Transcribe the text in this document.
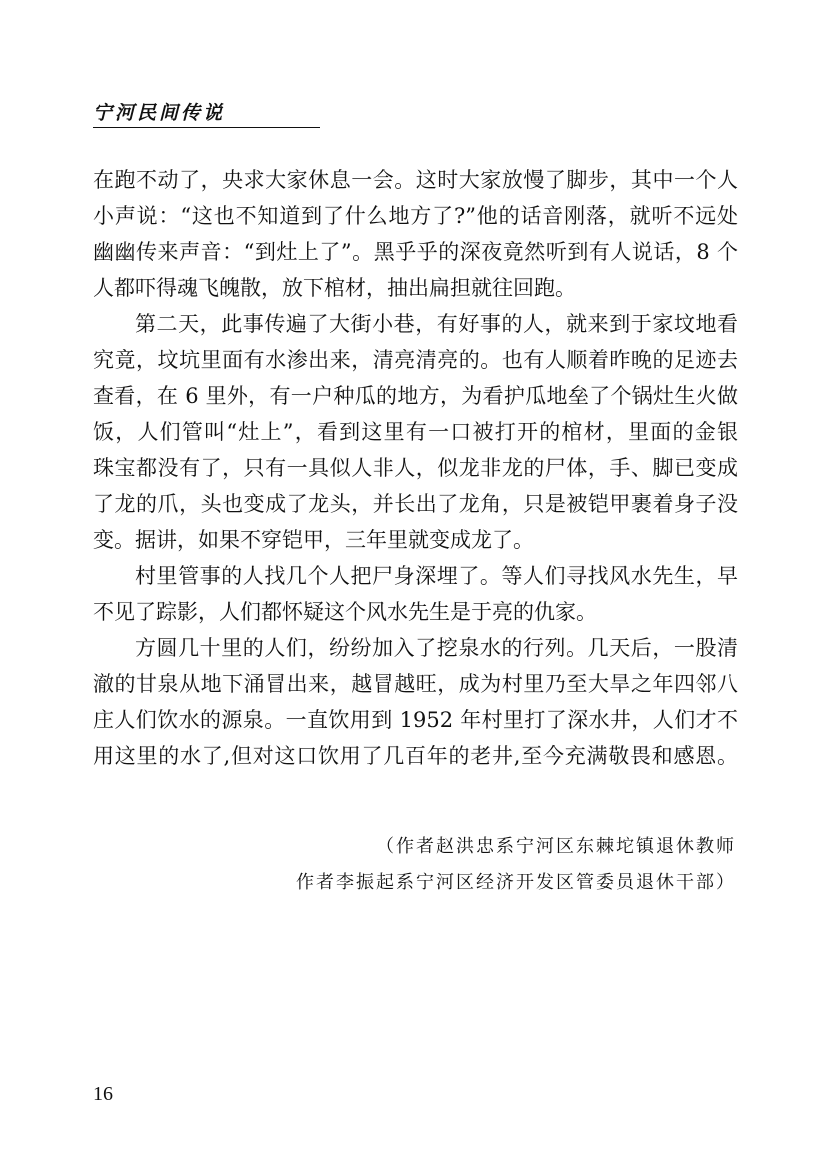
宁河民间传说
在跑不动了，央求大家休息一会。这时大家放慢了脚步，其中一个人
小声说：“这也不知道到了什么地方了?”他的话音刚落，就听不远处
幽幽传来声音：“到灶上了”。黑乎乎的深夜竟然听到有人说话，8 个
人都吓得魂飞魄散，放下棺材，抽出扁担就往回跑。
第二天，此事传遍了大街小巷，有好事的人，就来到于家坟地看
究竟，坟坑里面有水渗出来，清亮清亮的。也有人顺着昨晚的足迹去
查看，在 6 里外，有一户种瓜的地方，为看护瓜地垒了个锅灶生火做
饭，人们管叫“灶上”，看到这里有一口被打开的棺材，里面的金银
珠宝都没有了，只有一具似人非人，似龙非龙的尸体，手、脚已变成
了龙的爪，头也变成了龙头，并长出了龙角，只是被铠甲裹着身子没
变。据讲，如果不穿铠甲，三年里就变成龙了。
村里管事的人找几个人把尸身深埋了。等人们寻找风水先生，早
不见了踪影，人们都怀疑这个风水先生是于亮的仇家。
方圆几十里的人们，纷纷加入了挖泉水的行列。几天后，一股清
澈的甘泉从地下涌冒出来，越冒越旺，成为村里乃至大旱之年四邻八
庄人们饮水的源泉。一直饮用到 1952 年村里打了深水井，人们才不
用这里的水了,但对这口饮用了几百年的老井,至今充满敬畏和感恩。
（作者赵洪忠系宁河区东棘坨镇退休教师
作者李振起系宁河区经济开发区管委员退休干部）
16
